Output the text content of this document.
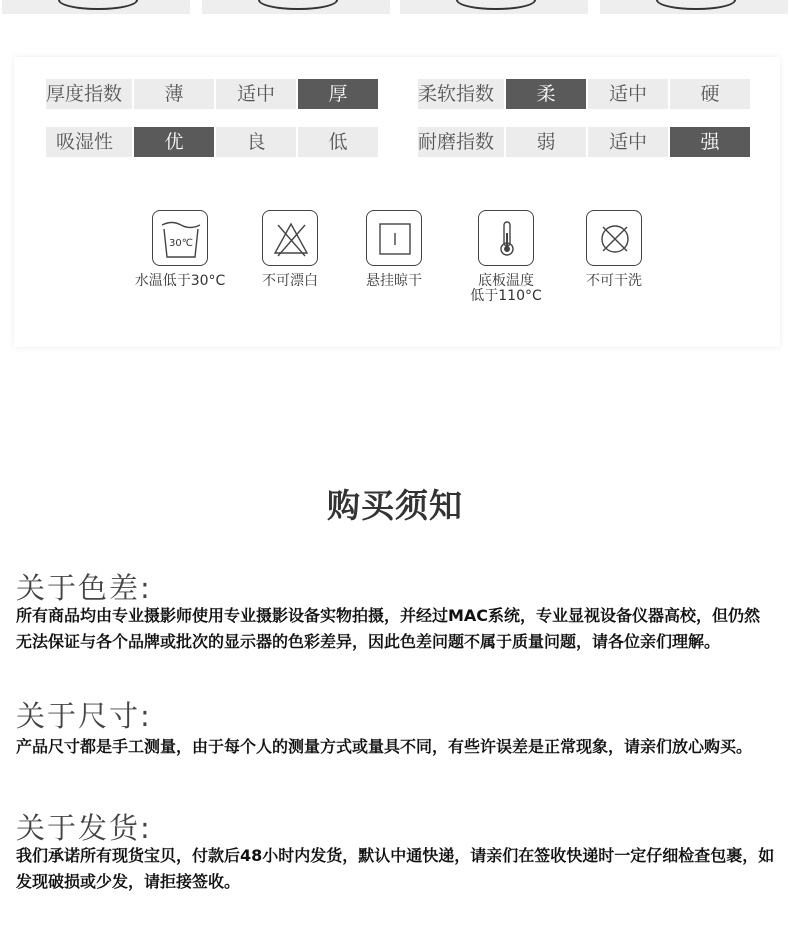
厚度指数	薄	适中	厚
吸湿性	优	良	低
柔软指数	柔	适中	硬
耐磨指数	弱	适中	强
30℃
水温低于30°C	不可漂白	悬挂晾干	底板温度
低于110°C
不可干洗
购买须知
关于色差:
所有商品均由专业摄影师使用专业摄影设备实物拍摄，并经过MAC系统，专业显视设备仪器高校，但仍然无法保证与各个品牌或批次的显示器的色彩差异，因此色差问题不属于质量问题，请各位亲们理解。
关于尺寸:
产品尺寸都是手工测量，由于每个人的测量方式或量具不同，有些许误差是正常现象，请亲们放心购买。
关于发货:
我们承诺所有现货宝贝，付款后48小时内发货，默认中通快递，请亲们在签收快递时一定仔细检查包裹，如发现破损或少发，请拒接签收。
